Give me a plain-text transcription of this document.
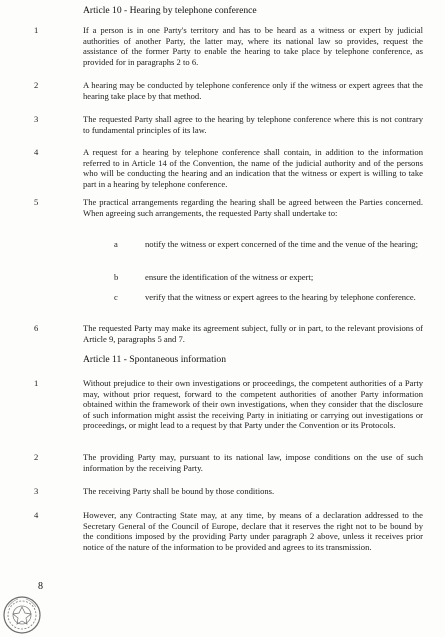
Article 10 - Hearing by telephone conference
1	If a person is in one Party's territory and has to be heard as a witness or expert by judicial authorities of another Party, the latter may, where its national law so provides, request the assistance of the former Party to enable the hearing to take place by telephone conference, as provided for in paragraphs 2 to 6.
2	A hearing may be conducted by telephone conference only if the witness or expert agrees that the hearing take place by that method.
3	The requested Party shall agree to the hearing by telephone conference where this is not contrary to fundamental principles of its law.
4	A request for a hearing by telephone conference shall contain, in addition to the information referred to in Article 14 of the Convention, the name of the judicial authority and of the persons who will be conducting the hearing and an indication that the witness or expert is willing to take part in a hearing by telephone conference.
5	The practical arrangements regarding the hearing shall be agreed between the Parties concerned. When agreeing such arrangements, the requested Party shall undertake to:
a	notify the witness or expert concerned of the time and the venue of the hearing;
b	ensure the identification of the witness or expert;
c	verify that the witness or expert agrees to the hearing by telephone conference.
6	The requested Party may make its agreement subject, fully or in part, to the relevant provisions of Article 9, paragraphs 5 and 7.
Article 11 - Spontaneous information
1	Without prejudice to their own investigations or proceedings, the competent authorities of a Party may, without prior request, forward to the competent authorities of another Party information obtained within the framework of their own investigations, when they consider that the disclosure of such information might assist the receiving Party in initiating or carrying out investigations or proceedings, or might lead to a request by that Party under the Convention or its Protocols.
2	The providing Party may, pursuant to its national law, impose conditions on the use of such information by the receiving Party.
3	The receiving Party shall be bound by those conditions.
4	However, any Contracting State may, at any time, by means of a declaration addressed to the Secretary General of the Council of Europe, declare that it reserves the right not to be bound by the conditions imposed by the providing Party under paragraph 2 above, unless it receives prior notice of the nature of the information to be provided and agrees to its transmission.
8
